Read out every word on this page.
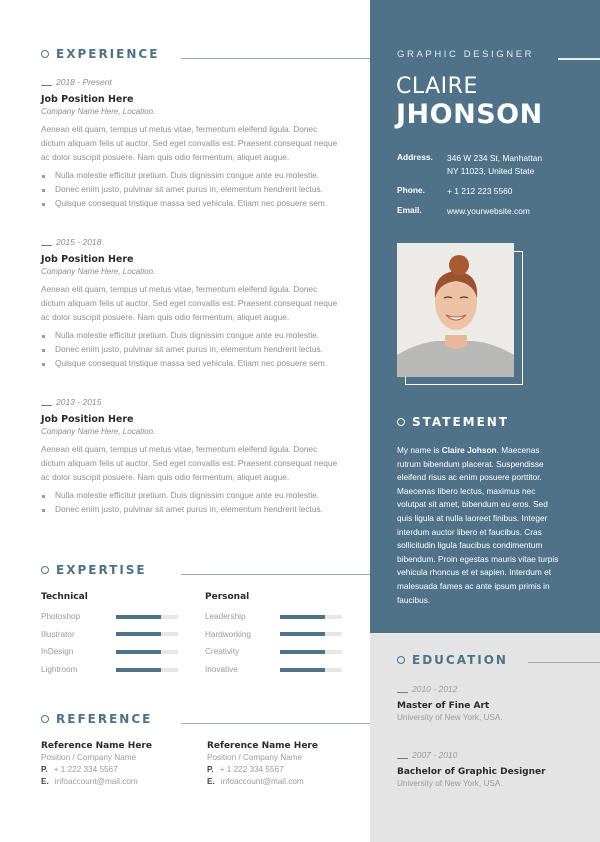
EXPERIENCE
2018 - Present
Job Position Here
Company Name Here, Location.
Aenean elit quam, tempus ut metus vitae, fermentum eleifend ligula. Donec dictum aliquam felis ut auctor. Sed eget convallis est. Praesent consequat neque ac dolor suscipit posuere. Nam quis odio fermentum, aliquet augue.
Nulla molestie efficitur pretium. Duis dignissim congue ante eu molestie.
Donec enim justo, pulvinar sit amet purus in, elementum hendrerit lectus.
Quisque consequat tristique massa sed vehicula. Etiam nec posuere sem.
2015 - 2018
Job Position Here
Company Name Here, Location.
Aenean elit quam, tempus ut metus vitae, fermentum eleifend ligula. Donec dictum aliquam felis ut auctor. Sed eget convallis est. Praesent consequat neque ac dolor suscipit posuere. Nam quis odio fermentum, aliquet augue.
Nulla molestie efficitur pretium. Duis dignissim congue ante eu molestie.
Donec enim justo, pulvinar sit amet purus in, elementum hendrerit lectus.
Quisque consequat tristique massa sed vehicula. Etiam nec posuere sem.
2013 - 2015
Job Position Here
Company Name Here, Location.
Aenean elit quam, tempus ut metus vitae, fermentum eleifend ligula. Donec dictum aliquam felis ut auctor. Sed eget convallis est. Praesent consequat neque ac dolor suscipit posuere. Nam quis odio fermentum, aliquet augue.
Nulla molestie efficitur pretium. Duis dignissim congue ante eu molestie.
Donec enim justo, pulvinar sit amet purus in, elementum hendrerit lectus.
EXPERTISE
Technical
Photoshop
Illustrator
InDesign
Lightroom
Personal
Leadership
Hardworking
Creativity
Inovative
REFERENCE
Reference Name Here
Position / Company Name
P. + 1 222 334 5567
E. infoaccount@mail.com
Reference Name Here
Position / Company Name
P. + 1 222 334 5567
E. infoaccount@mail.com
GRAPHIC DESIGNER
CLAIRE
JHONSON
Address.	346 W 234 St, Manhattan
NY 11023, United State
Phone.	+ 1 212 223 5560
Email.	www.yourwebsite.com
STATEMENT
My name is Claire Johson. Maecenas rutrum bibendum placerat. Suspendisse eleifend risus ac enim posuere porttitor. Maecenas libero lectus, maximus nec volutpat sit amet, bibendum eu eros. Sed quis ligula at nulla laoreet finibus. Integer interdum auctor libero et faucibus. Cras sollicitudin ligula faucibus condimentum bibendum. Proin egestas mauris vitae turpis vehicula rhoncus et et sapien. Interdum et malesuada fames ac ante ipsum primis in faucibus.
EDUCATION
2010 - 2012
Master of Fine Art
University of New York, USA.
2007 - 2010
Bachelor of Graphic Designer
University of New York, USA.
